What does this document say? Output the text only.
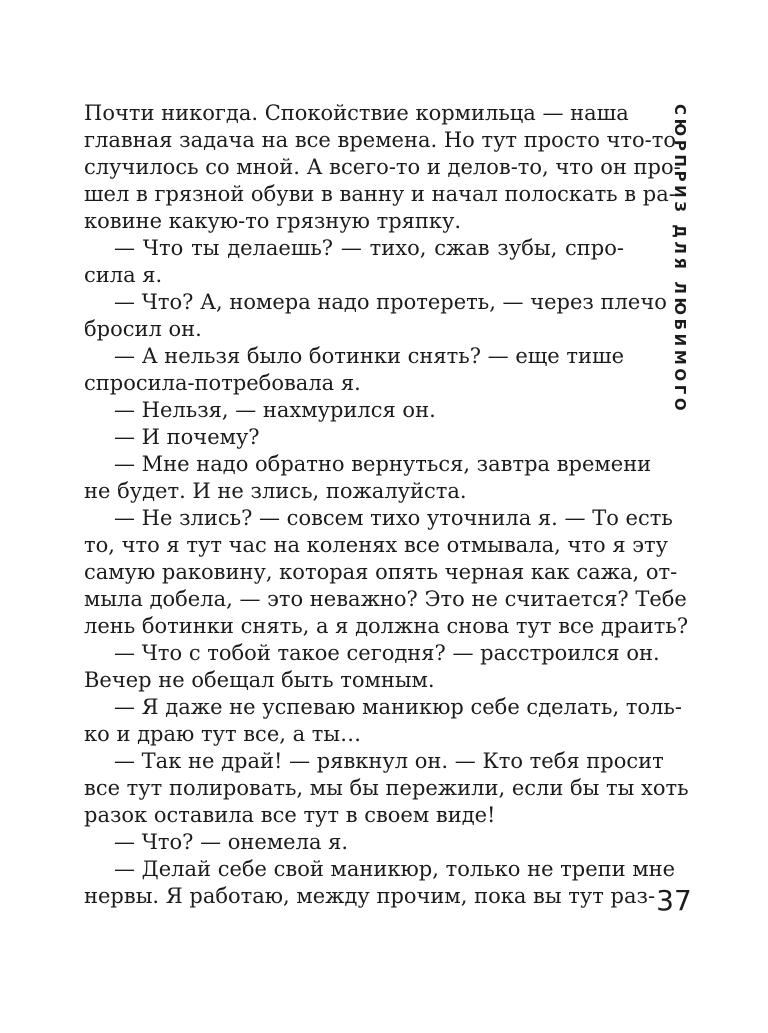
Почти никогда. Спокойствие кормильца — наша
главная задача на все времена. Но тут просто что-то
случилось со мной. А всего-то и делов-то, что он про-
шел в грязной обуви в ванну и начал полоскать в ра-
ковине какую-то грязную тряпку.
— Что ты делаешь? — тихо, сжав зубы, спро-
сила я.
— Что? А, номера надо протереть, — через плечо
бросил он.
— А нельзя было ботинки снять? — еще тише
спросила-потребовала я.
— Нельзя, — нахмурился он.
— И почему?
— Мне надо обратно вернуться, завтра времени
не будет. И не злись, пожалуйста.
— Не злись? — совсем тихо уточнила я. — То есть
то, что я тут час на коленях все отмывала, что я эту
самую раковину, которая опять черная как сажа, от-
мыла добела, — это неважно? Это не считается? Тебе
лень ботинки снять, а я должна снова тут все драить?
— Что с тобой такое сегодня? — расстроился он.
Вечер не обещал быть томным.
— Я даже не успеваю маникюр себе сделать, толь-
ко и драю тут все, а ты…
— Так не драй! — рявкнул он. — Кто тебя просит
все тут полировать, мы бы пережили, если бы ты хоть
разок оставила все тут в своем виде!
— Что? — онемела я.
— Делай себе свой маникюр, только не трепи мне
нервы. Я работаю, между прочим, пока вы тут раз-
СЮРПРИЗ ДЛЯ ЛЮБИМОГО
37
